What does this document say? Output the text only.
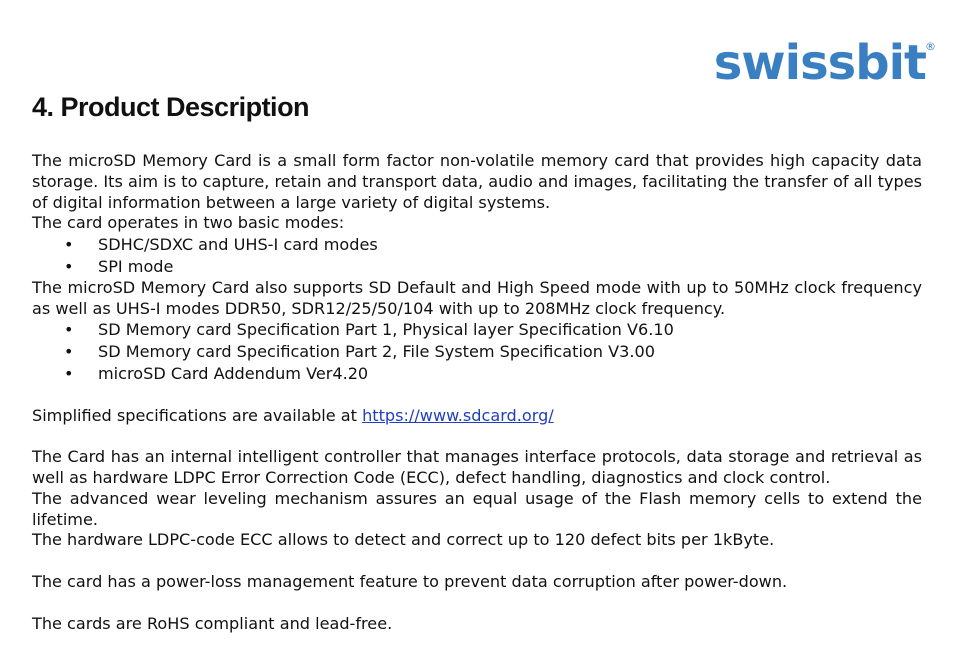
swissbit ®
4. Product Description

The microSD Memory Card is a small form factor non-volatile memory card that provides high capacity data storage. Its aim is to capture, retain and transport data, audio and images, facilitating the transfer of all types of digital information between a large variety of digital systems.

The card operates in two basic modes:

• SDHC/SDXC and UHS-I card modes
• SPI mode

The microSD Memory Card also supports SD Default and High Speed mode with up to 50MHz clock frequency as well as UHS-I modes DDR50, SDR12/25/50/104 with up to 208MHz clock frequency.

• SD Memory card Specification Part 1, Physical layer Specification V6.10
• SD Memory card Specification Part 2, File System Specification V3.00
• microSD Card Addendum Ver4.20

Simplified specifications are available at https://www.sdcard.org/

The Card has an internal intelligent controller that manages interface protocols, data storage and retrieval as well as hardware LDPC Error Correction Code (ECC), defect handling, diagnostics and clock control.

The advanced wear leveling mechanism assures an equal usage of the Flash memory cells to extend the lifetime.

The hardware LDPC-code ECC allows to detect and correct up to 120 defect bits per 1kByte.

The card has a power-loss management feature to prevent data corruption after power-down.

The cards are RoHS compliant and lead-free.
